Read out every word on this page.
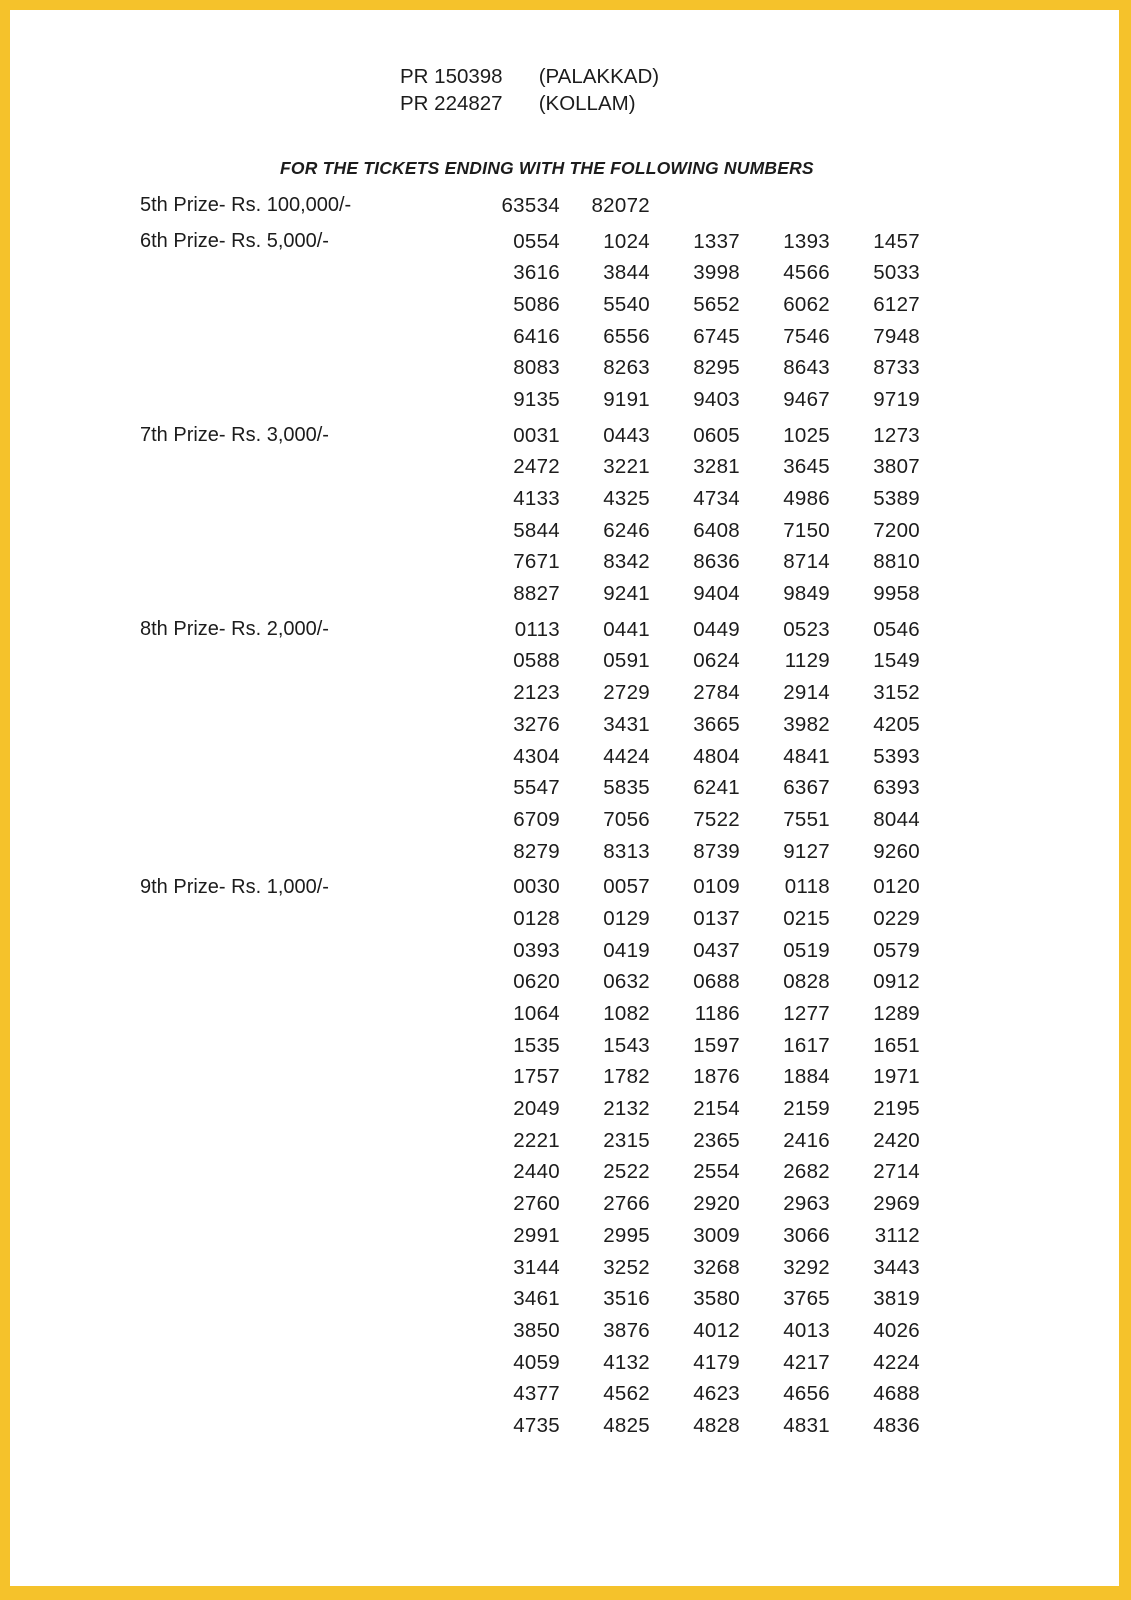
PR 150398 (PALAKKAD)
PR 224827 (KOLLAM)
FOR THE TICKETS ENDING WITH THE FOLLOWING NUMBERS
5th Prize- Rs. 100,000/-	63534	82072
6th Prize- Rs. 5,000/-	0554	1024	1337	1393	1457
3616	3844	3998	4566	5033
5086	5540	5652	6062	6127
6416	6556	6745	7546	7948
8083	8263	8295	8643	8733
9135	9191	9403	9467	9719
7th Prize- Rs. 3,000/-	0031	0443	0605	1025	1273
2472	3221	3281	3645	3807
4133	4325	4734	4986	5389
5844	6246	6408	7150	7200
7671	8342	8636	8714	8810
8827	9241	9404	9849	9958
8th Prize- Rs. 2,000/-	0113	0441	0449	0523	0546
0588	0591	0624	1129	1549
2123	2729	2784	2914	3152
3276	3431	3665	3982	4205
4304	4424	4804	4841	5393
5547	5835	6241	6367	6393
6709	7056	7522	7551	8044
8279	8313	8739	9127	9260
9th Prize- Rs. 1,000/-	0030	0057	0109	0118	0120
0128	0129	0137	0215	0229
0393	0419	0437	0519	0579
0620	0632	0688	0828	0912
1064	1082	1186	1277	1289
1535	1543	1597	1617	1651
1757	1782	1876	1884	1971
2049	2132	2154	2159	2195
2221	2315	2365	2416	2420
2440	2522	2554	2682	2714
2760	2766	2920	2963	2969
2991	2995	3009	3066	3112
3144	3252	3268	3292	3443
3461	3516	3580	3765	3819
3850	3876	4012	4013	4026
4059	4132	4179	4217	4224
4377	4562	4623	4656	4688
4735	4825	4828	4831	4836
